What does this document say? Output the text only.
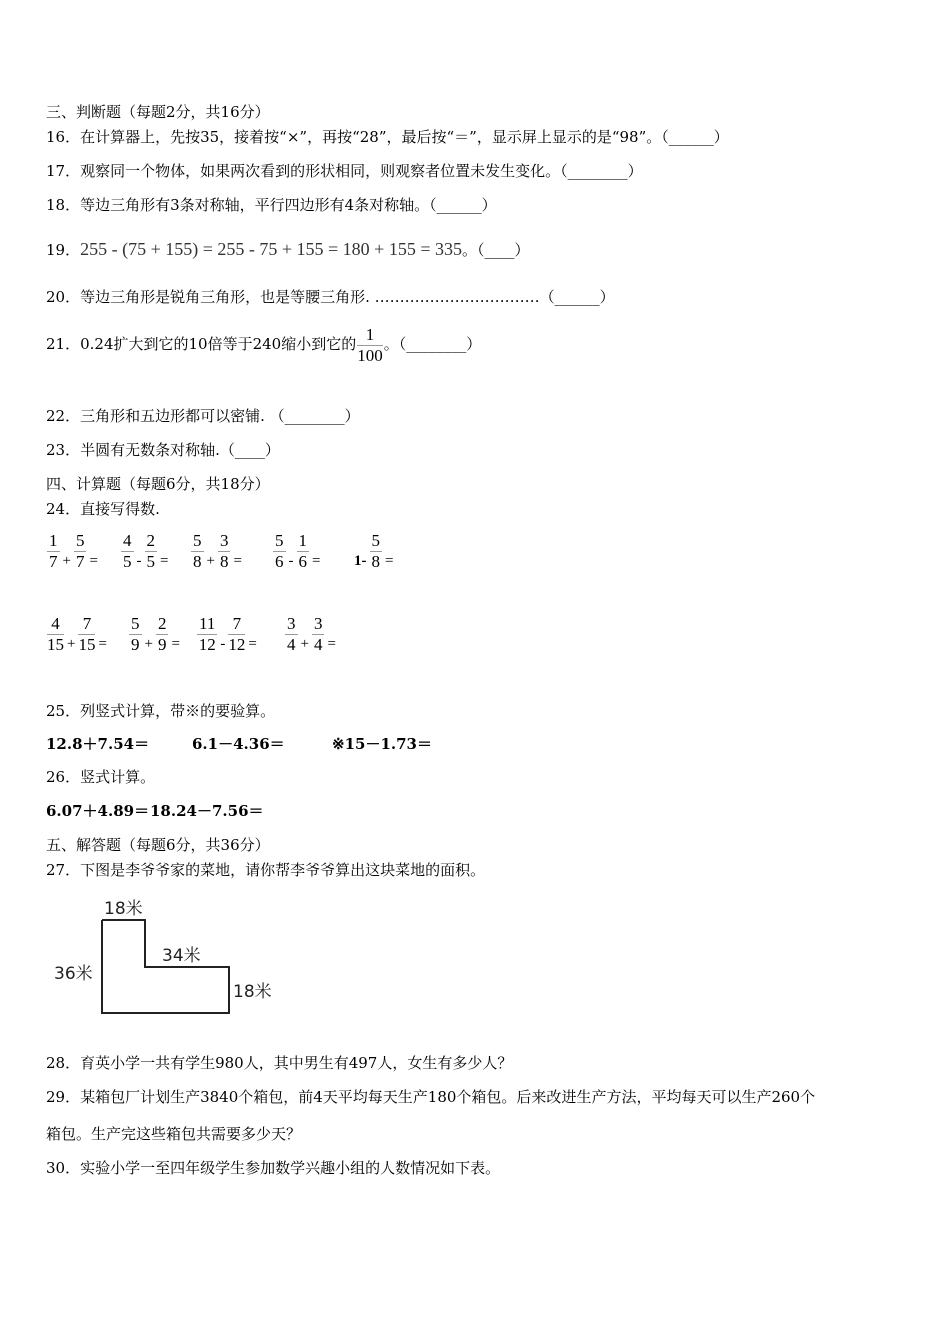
三、判断题（每题2分，共16分）
16．在计算器上，先按35，接着按“×”，再按“28”，最后按“＝”，显示屏上显示的是“98”。（______）
17．观察同一个物体，如果两次看到的形状相同，则观察者位置未发生变化。（________）
18．等边三角形有3条对称轴，平行四边形有4条对称轴。（______）
19．255 - (75 + 155) = 255 - 75 + 155 = 180 + 155 = 335。（____）
20．等边三角形是锐角三角形，也是等腰三角形. ……………………………（______）
21．0.24扩大到它的10倍等于240缩小到它的 $\frac{1}{100}$ 。（________）
22．三角形和五边形都可以密铺. （________）
23．半圆有无数条对称轴.（____）
四、计算题（每题6分，共18分）
24．直接写得数.
$\frac{1}{7} + \frac{5}{7} = \frac{4}{5} - \frac{2}{5} = \frac{5}{8} + \frac{3}{8} = \frac{5}{6} - \frac{1}{6} = 1- \frac{5}{8}$ =
$\frac{4}{15} + \frac{7}{15} = \frac{5}{9} + \frac{2}{9} = \frac{11}{12} - \frac{7}{12} = \frac{3}{4} + \frac{3}{4}$ =
25．列竖式计算，带※的要验算。
12.8＋7.54＝	6.1－4.36＝	※15－1.73＝
26．竖式计算。
6.07＋4.89＝ 18.24－7.56＝
五、解答题（每题6分，共36分）
27．下图是李爷爷家的菜地，请你帮李爷爷算出这块菜地的面积。
18米
36米
34米
18米
28．育英小学一共有学生980人，其中男生有497人，女生有多少人？
29．某箱包厂计划生产3840个箱包，前4天平均每天生产180个箱包。后来改进生产方法，平均每天可以生产260个
箱包。生产完这些箱包共需要多少天？
30．实验小学一至四年级学生参加数学兴趣小组的人数情况如下表。
